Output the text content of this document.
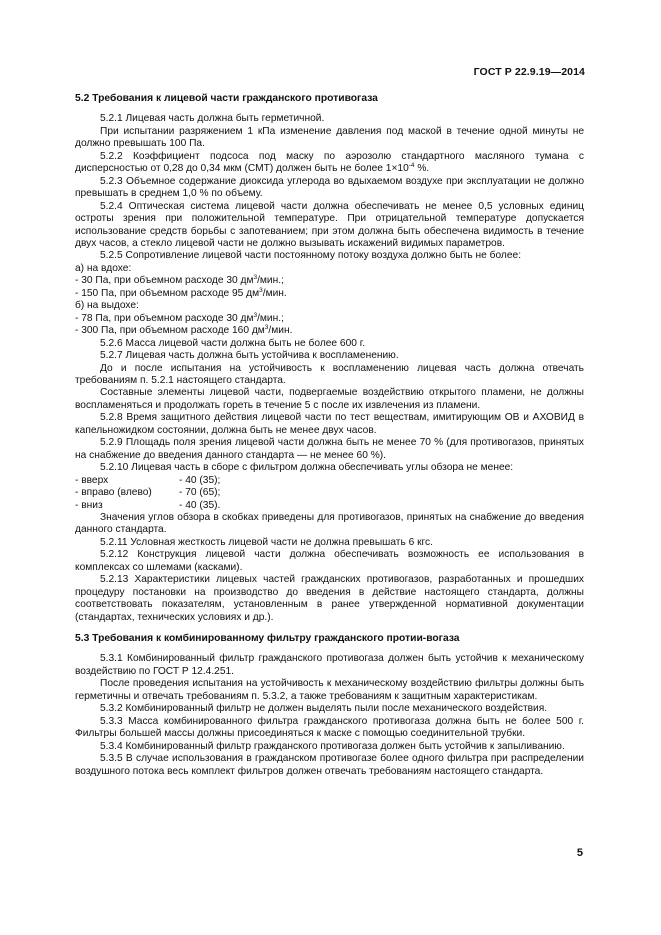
ГОСТ Р 22.9.19—2014
5.2 Требования к лицевой части гражданского противогаза

5.2.1 Лицевая часть должна быть герметичной.

При испытании разряжением 1 кПа изменение давления под маской в течение одной минуты не должно превышать 100 Па.

5.2.2 Коэффициент подсоса под маску по аэрозолю стандартного масляного тумана с дисперсностью от 0,28 до 0,34 мкм (СМТ) должен быть не более $1\times 10^{-4}$ %.

5.2.3 Объемное содержание диоксида углерода во вдыхаемом воздухе при эксплуатации не должно превышать в среднем 1,0 % по объему.

5.2.4 Оптическая система лицевой части должна обеспечивать не менее 0,5 условных единиц остроты зрения при положительной температуре. При отрицательной температуре допускается использование средств борьбы с запотеванием; при этом должна быть обеспечена видимость в течение двух часов, а стекло лицевой части не должно вызывать искажений видимых параметров.

5.2.5 Сопротивление лицевой части постоянному потоку воздуха должно быть не более:

а) на вдохе:

- 30 Па, при объемном расходе 30 $дм^3$/мин.;

- 150 Па, при объемном расходе 95 $дм^3$/мин.

б) на выдохе:

- 78 Па, при объемном расходе 30 $дм^3$/мин.;

- 300 Па, при объемном расходе 160 $дм^3$/мин.

5.2.6 Масса лицевой части должна быть не более 600 г.

5.2.7 Лицевая часть должна быть устойчива к воспламенению.

До и после испытания на устойчивость к воспламенению лицевая часть должна отвечать требованиям п. 5.2.1 настоящего стандарта.

Составные элементы лицевой части, подвергаемые воздействию открытого пламени, не должны воспламеняться и продолжать гореть в течение 5 с после их извлечения из пламени.

5.2.8 Время защитного действия лицевой части по тест веществам, имитирующим ОВ и АХОВИД в капельножидком состоянии, должна быть не менее двух часов.

5.2.9 Площадь поля зрения лицевой части должна быть не менее 70 % (для противогазов, принятых на снабжение до введения данного стандарта — не менее 60 %).

5.2.10 Лицевая часть в сборе с фильтром должна обеспечивать углы обзора не менее:

- вверх	- 40 (35);
- вправо (влево)	- 70 (65);
- вниз	- 40 (35).

Значения углов обзора в скобках приведены для противогазов, принятых на снабжение до введения данного стандарта.

5.2.11 Условная жесткость лицевой части не должна превышать 6 кгс.

5.2.12 Конструкция лицевой части должна обеспечивать возможность ее использования в комплексах со шлемами (касками).

5.2.13 Характеристики лицевых частей гражданских противогазов, разработанных и прошедших процедуру постановки на производство до введения в действие настоящего стандарта, должны соответствовать показателям, установленным в ранее утвержденной нормативной документации (стандартах, технических условиях и др.).

5.3 Требования к комбинированному фильтру гражданского протии-вогаза

5.3.1 Комбинированный фильтр гражданского противогаза должен быть устойчив к механическому воздействию по ГОСТ Р 12.4.251.

После проведения испытания на устойчивость к механическому воздействию фильтры должны быть герметичны и отвечать требованиям п. 5.3.2, а также требованиям к защитным характеристикам.

5.3.2 Комбинированный фильтр не должен выделять пыли после механического воздействия.

5.3.3 Масса комбинированного фильтра гражданского противогаза должна быть не более 500 г. Фильтры большей массы должны присоединяться к маске с помощью соединительной трубки.

5.3.4 Комбинированный фильтр гражданского противогаза должен быть устойчив к запыливанию.

5.3.5 В случае использования в гражданском противогазе более одного фильтра при распределении воздушного потока весь комплект фильтров должен отвечать требованиям настоящего стандарта.

5
